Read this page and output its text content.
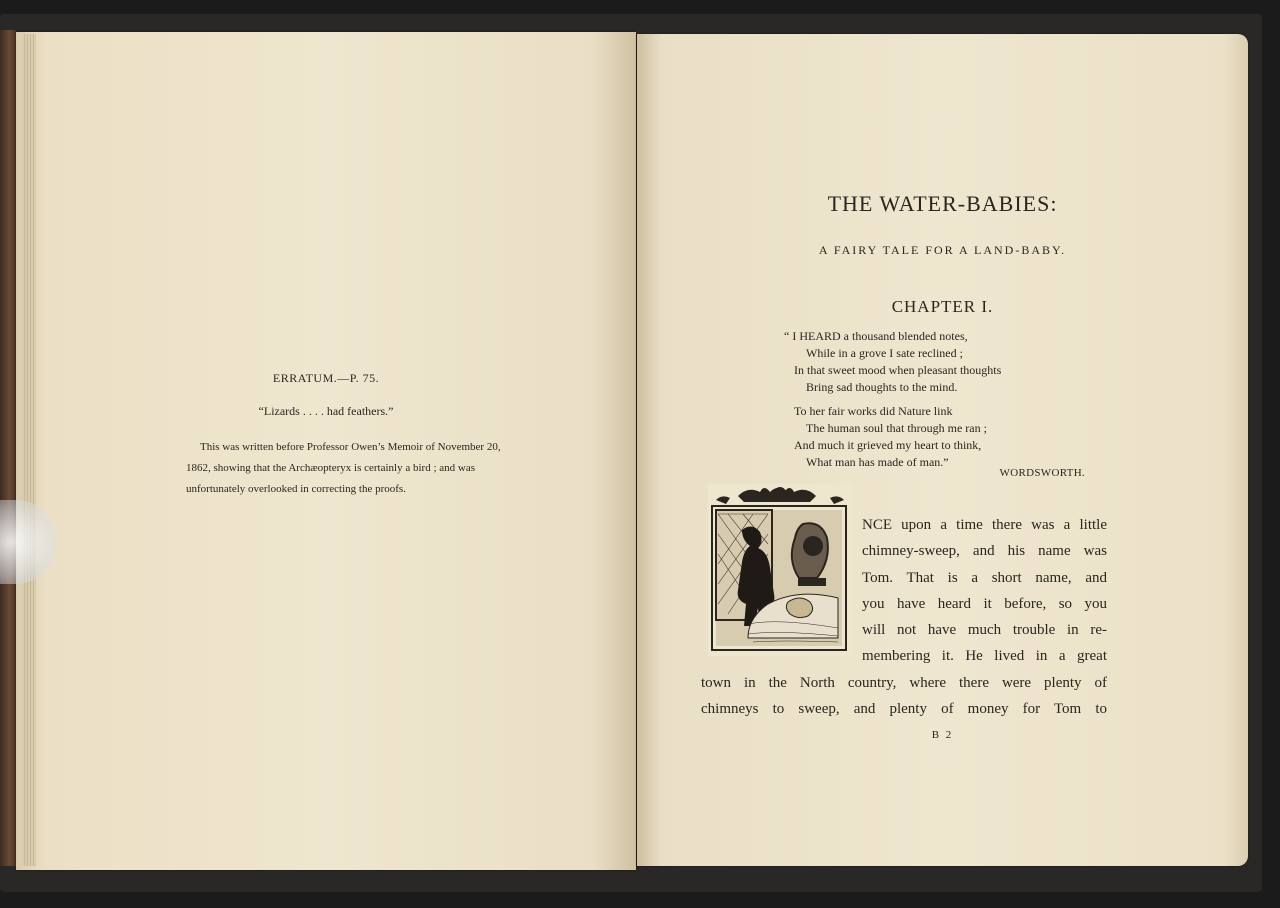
ERRATUM.—P. 75.
“Lizards . . . . had feathers.”
This was written before Professor Owen’s Memoir of November 20,
1862, showing that the Archæopteryx is certainly a bird ; and was
unfortunately overlooked in correcting the proofs.
THE WATER-BABIES:
A FAIRY TALE FOR A LAND-BABY.
CHAPTER I.
“ I HEARD a thousand blended notes,
While in a grove I sate reclined ;
In that sweet mood when pleasant thoughts
Bring sad thoughts to the mind.
To her fair works did Nature link
The human soul that through me ran ;
And much it grieved my heart to think,
What man has made of man.”
WORDSWORTH.
NCE upon a time there was a little
chimney-sweep, and his name was
Tom. That is a short name, and
you have heard it before, so you
will not have much trouble in re-
membering it. He lived in a great
town in the North country, where there were plenty of
chimneys to sweep, and plenty of money for Tom to
B 2
